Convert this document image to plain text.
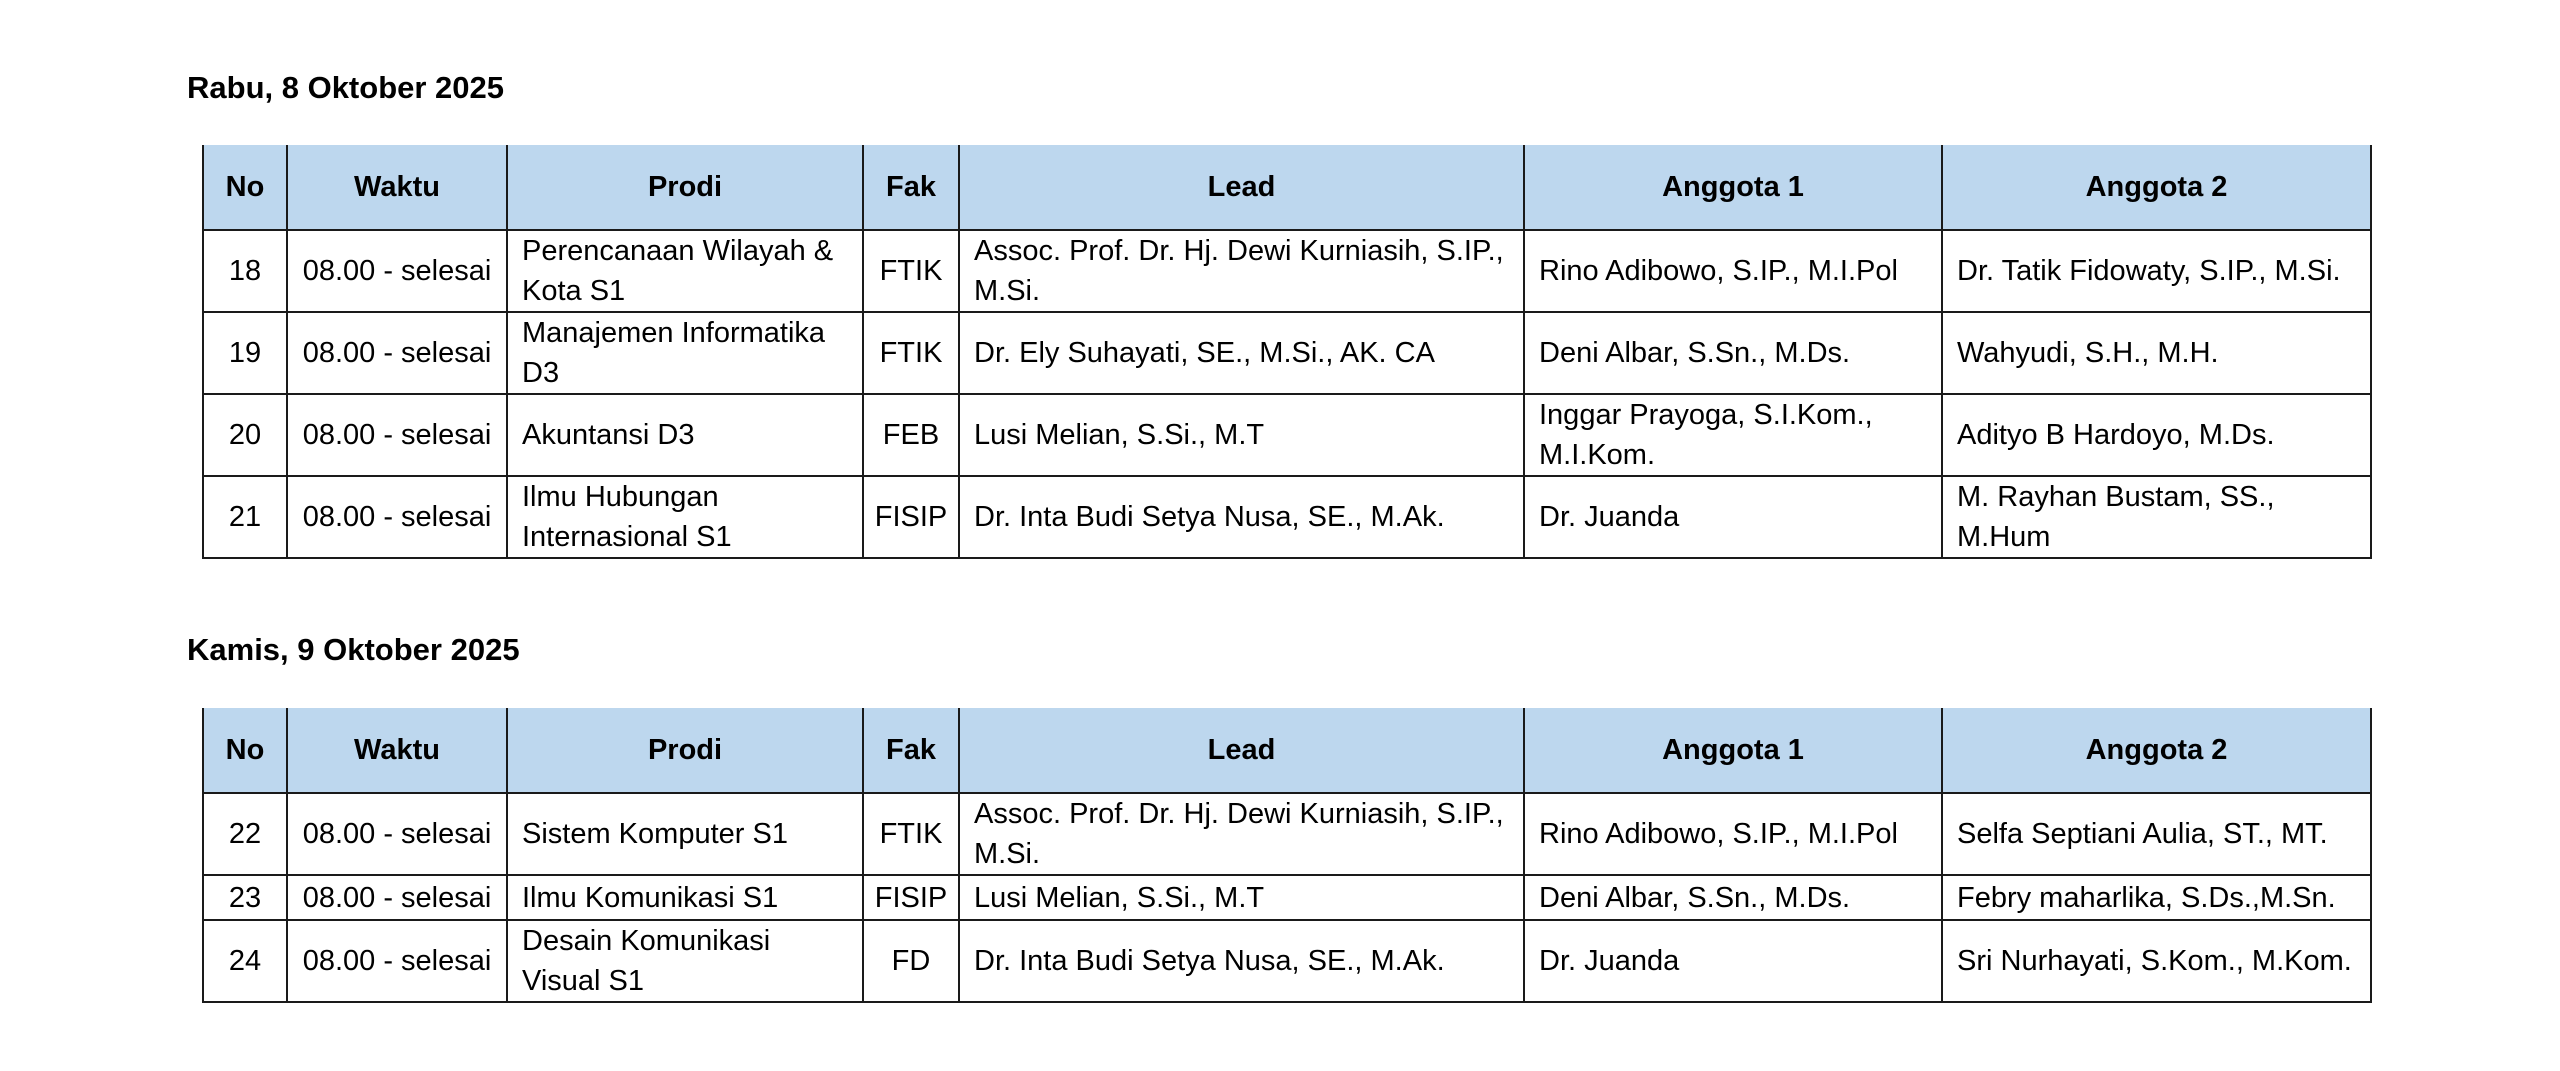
Rabu, 8 Oktober 2025
No	Waktu	Prodi	Fak	Lead	Anggota 1	Anggota 2
18	08.00 - selesai	Perencanaan Wilayah & Kota S1	FTIK	Assoc. Prof. Dr. Hj. Dewi Kurniasih, S.IP., M.Si.	Rino Adibowo, S.IP., M.I.Pol	Dr. Tatik Fidowaty, S.IP., M.Si.
19	08.00 - selesai	Manajemen Informatika D3	FTIK	Dr. Ely Suhayati, SE., M.Si., AK. CA	Deni Albar, S.Sn., M.Ds.	Wahyudi, S.H., M.H.
20	08.00 - selesai	Akuntansi D3	FEB	Lusi Melian, S.Si., M.T	Inggar Prayoga, S.I.Kom., M.I.Kom.	Adityo B Hardoyo, M.Ds.
21	08.00 - selesai	Ilmu Hubungan Internasional S1	FISIP	Dr. Inta Budi Setya Nusa, SE., M.Ak.	Dr. Juanda	M. Rayhan Bustam, SS., M.Hum
Kamis, 9 Oktober 2025
No	Waktu	Prodi	Fak	Lead	Anggota 1	Anggota 2
22	08.00 - selesai	Sistem Komputer S1	FTIK	Assoc. Prof. Dr. Hj. Dewi Kurniasih, S.IP., M.Si.	Rino Adibowo, S.IP., M.I.Pol	Selfa Septiani Aulia, ST., MT.
23	08.00 - selesai	Ilmu Komunikasi S1	FISIP	Lusi Melian, S.Si., M.T	Deni Albar, S.Sn., M.Ds.	Febry maharlika, S.Ds.,M.Sn.
24	08.00 - selesai	Desain Komunikasi Visual S1	FD	Dr. Inta Budi Setya Nusa, SE., M.Ak.	Dr. Juanda	Sri Nurhayati, S.Kom., M.Kom.
